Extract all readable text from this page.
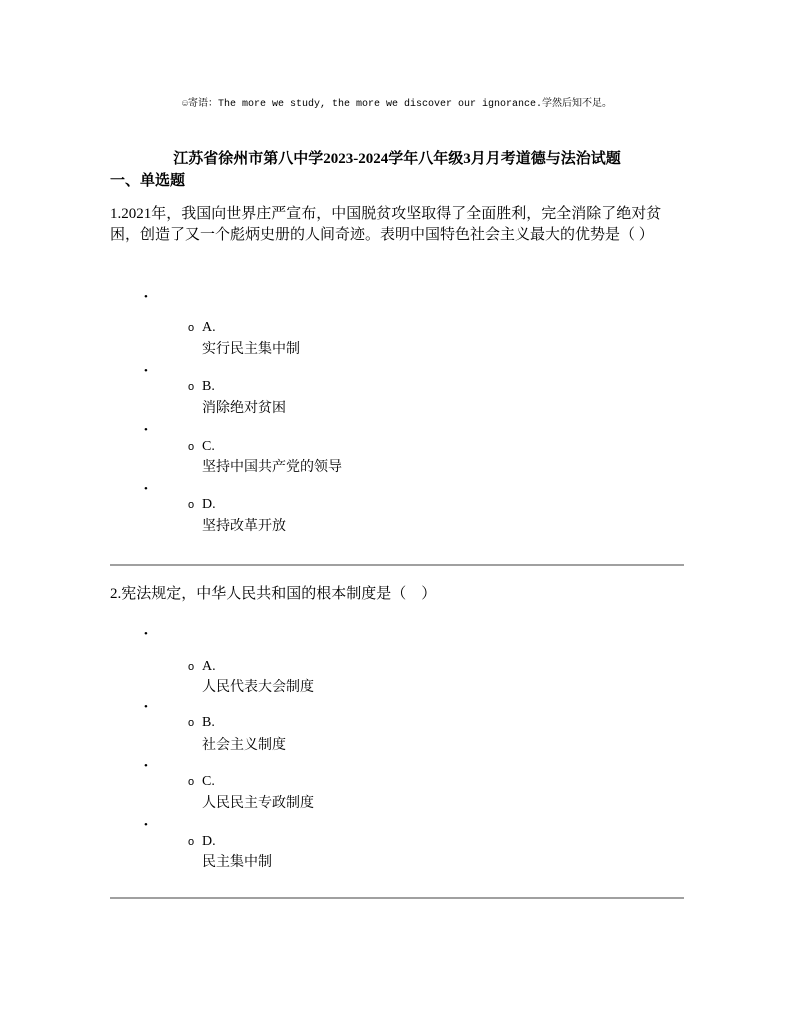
☺寄语：The more we study, the more we discover our ignorance.学然后知不足。
江苏省徐州市第八中学2023-2024学年八年级3月月考道德与法治试题
一、单选题
1.2021年，我国向世界庄严宣布，中国脱贫攻坚取得了全面胜利，完全消除了绝对贫困，创造了又一个彪炳史册的人间奇迹。表明中国特色社会主义最大的优势是（ ）
2.宪法规定，中华人民共和国的根本制度是（　）
•
o A.
实行民主集中制
•
o B.
消除绝对贫困
•
o C.
坚持中国共产党的领导
•
o D.
坚持改革开放
•
o A.
人民代表大会制度
•
o B.
社会主义制度
•
o C.
人民民主专政制度
•
o D.
民主集中制
